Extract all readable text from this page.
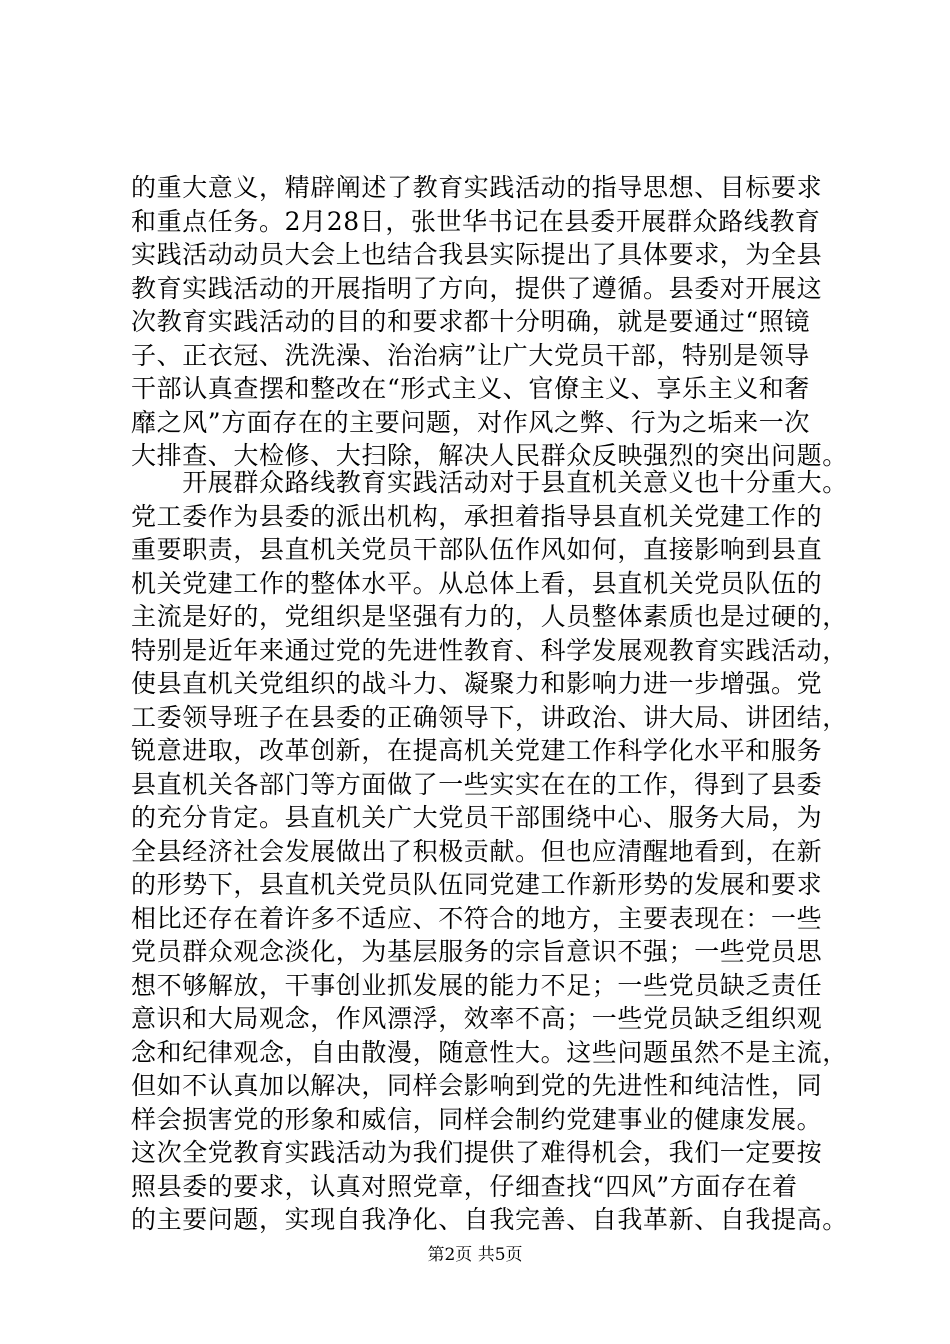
的重大意义，精辟阐述了教育实践活动的指导思想、目标要求
和重点任务。2月28日，张世华书记在县委开展群众路线教育
实践活动动员大会上也结合我县实际提出了具体要求，为全县
教育实践活动的开展指明了方向，提供了遵循。县委对开展这
次教育实践活动的目的和要求都十分明确，就是要通过“照镜
子、正衣冠、洗洗澡、治治病”让广大党员干部，特别是领导
干部认真查摆和整改在“形式主义、官僚主义、享乐主义和奢
靡之风”方面存在的主要问题，对作风之弊、行为之垢来一次
大排查、大检修、大扫除，解决人民群众反映强烈的突出问题。
　　开展群众路线教育实践活动对于县直机关意义也十分重大。
党工委作为县委的派出机构，承担着指导县直机关党建工作的
重要职责，县直机关党员干部队伍作风如何，直接影响到县直
机关党建工作的整体水平。从总体上看，县直机关党员队伍的
主流是好的，党组织是坚强有力的，人员整体素质也是过硬的，
特别是近年来通过党的先进性教育、科学发展观教育实践活动，
使县直机关党组织的战斗力、凝聚力和影响力进一步增强。党
工委领导班子在县委的正确领导下，讲政治、讲大局、讲团结，
锐意进取，改革创新，在提高机关党建工作科学化水平和服务
县直机关各部门等方面做了一些实实在在的工作，得到了县委
的充分肯定。县直机关广大党员干部围绕中心、服务大局，为
全县经济社会发展做出了积极贡献。但也应清醒地看到，在新
的形势下，县直机关党员队伍同党建工作新形势的发展和要求
相比还存在着许多不适应、不符合的地方，主要表现在：一些
党员群众观念淡化，为基层服务的宗旨意识不强；一些党员思
想不够解放，干事创业抓发展的能力不足；一些党员缺乏责任
意识和大局观念，作风漂浮，效率不高；一些党员缺乏组织观
念和纪律观念，自由散漫，随意性大。这些问题虽然不是主流，
但如不认真加以解决，同样会影响到党的先进性和纯洁性，同
样会损害党的形象和威信，同样会制约党建事业的健康发展。
这次全党教育实践活动为我们提供了难得机会，我们一定要按
照县委的要求，认真对照党章，仔细查找“四风”方面存在着
的主要问题，实现自我净化、自我完善、自我革新、自我提高。
第2页 共5页
